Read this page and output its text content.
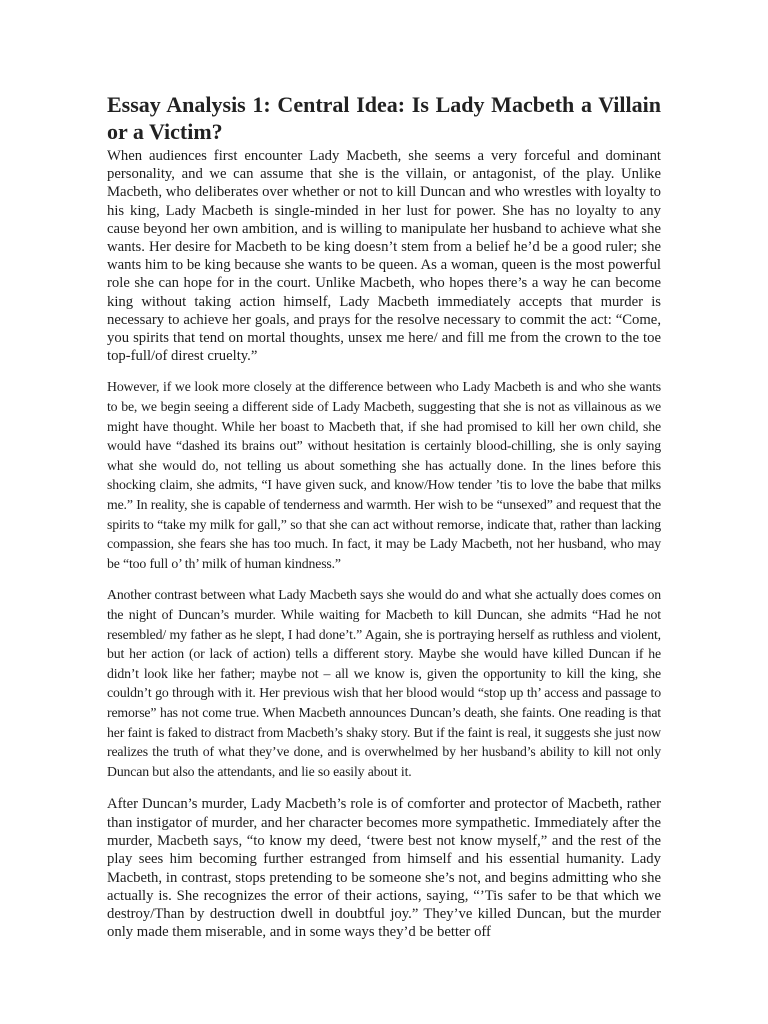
Essay Analysis 1: Central Idea: Is Lady Macbeth a Villain or a Victim?

When audiences first encounter Lady Macbeth, she seems a very forceful and dominant personality, and we can assume that she is the villain, or antagonist, of the play. Unlike Macbeth, who deliberates over whether or not to kill Duncan and who wrestles with loyalty to his king, Lady Macbeth is single-minded in her lust for power. She has no loyalty to any cause beyond her own ambition, and is willing to manipulate her husband to achieve what she wants. Her desire for Macbeth to be king doesn’t stem from a belief he’d be a good ruler; she wants him to be king because she wants to be queen. As a woman, queen is the most powerful role she can hope for in the court. Unlike Macbeth, who hopes there’s a way he can become king without taking action himself, Lady Macbeth immediately accepts that murder is necessary to achieve her goals, and prays for the resolve necessary to commit the act: “Come, you spirits that tend on mortal thoughts, unsex me here/ and fill me from the crown to the toe top-full/of direst cruelty.”

However, if we look more closely at the difference between who Lady Macbeth is and who she wants to be, we begin seeing a different side of Lady Macbeth, suggesting that she is not as villainous as we might have thought. While her boast to Macbeth that, if she had promised to kill her own child, she would have “dashed its brains out” without hesitation is certainly blood-chilling, she is only saying what she would do, not telling us about something she has actually done. In the lines before this shocking claim, she admits, “I have given suck, and know/How tender ’tis to love the babe that milks me.” In reality, she is capable of tenderness and warmth. Her wish to be “unsexed” and request that the spirits to “take my milk for gall,” so that she can act without remorse, indicate that, rather than lacking compassion, she fears she has too much. In fact, it may be Lady Macbeth, not her husband, who may be “too full o’ th’ milk of human kindness.”

Another contrast between what Lady Macbeth says she would do and what she actually does comes on the night of Duncan’s murder. While waiting for Macbeth to kill Duncan, she admits “Had he not resembled/ my father as he slept, I had done’t.” Again, she is portraying herself as ruthless and violent, but her action (or lack of action) tells a different story. Maybe she would have killed Duncan if he didn’t look like her father; maybe not – all we know is, given the opportunity to kill the king, she couldn’t go through with it. Her previous wish that her blood would “stop up th’ access and passage to remorse” has not come true. When Macbeth announces Duncan’s death, she faints. One reading is that her faint is faked to distract from Macbeth’s shaky story. But if the faint is real, it suggests she just now realizes the truth of what they’ve done, and is overwhelmed by her husband’s ability to kill not only Duncan but also the attendants, and lie so easily about it.

After Duncan’s murder, Lady Macbeth’s role is of comforter and protector of Macbeth, rather than instigator of murder, and her character becomes more sympathetic. Immediately after the murder, Macbeth says, “to know my deed, ‘twere best not know myself,” and the rest of the play sees him becoming further estranged from himself and his essential humanity. Lady Macbeth, in contrast, stops pretending to be someone she’s not, and begins admitting who she actually is. She recognizes the error of their actions, saying, “’Tis safer to be that which we destroy/Than by destruction dwell in doubtful joy.” They’ve killed Duncan, but the murder only made them miserable, and in some ways they’d be better off
